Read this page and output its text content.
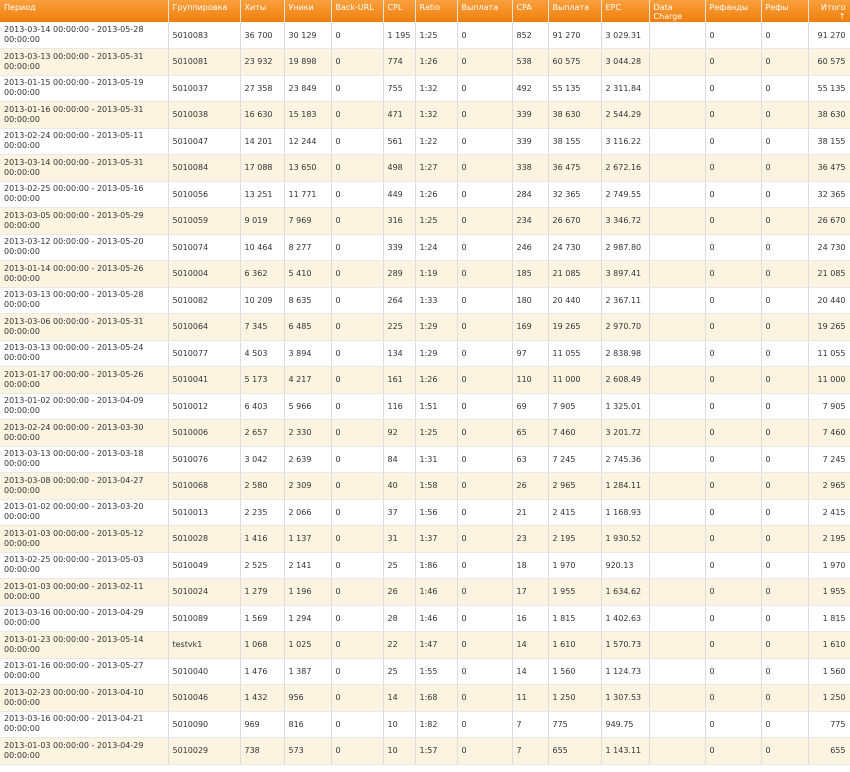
Период	Группировка	Хиты	Уники	Back-URL	CPL	Ratio	Выплата	CPA	Выплата	EPC	Data Charge	Рефанды	Рефы	Итого
↑

2013-03-14 00:00:00 - 2013-05-28 00:00:00	5010083	36 700	30 129	0	1 195	1:25	0	852	91 270	3 029.31		0	0	91 270
2013-03-13 00:00:00 - 2013-05-31 00:00:00	5010081	23 932	19 898	0	774	1:26	0	538	60 575	3 044.28		0	0	60 575
2013-01-15 00:00:00 - 2013-05-19 00:00:00	5010037	27 358	23 849	0	755	1:32	0	492	55 135	2 311.84		0	0	55 135
2013-01-16 00:00:00 - 2013-05-31 00:00:00	5010038	16 630	15 183	0	471	1:32	0	339	38 630	2 544.29		0	0	38 630
2013-02-24 00:00:00 - 2013-05-11 00:00:00	5010047	14 201	12 244	0	561	1:22	0	339	38 155	3 116.22		0	0	38 155
2013-03-14 00:00:00 - 2013-05-31 00:00:00	5010084	17 088	13 650	0	498	1:27	0	338	36 475	2 672.16		0	0	36 475
2013-02-25 00:00:00 - 2013-05-16 00:00:00	5010056	13 251	11 771	0	449	1:26	0	284	32 365	2 749.55		0	0	32 365
2013-03-05 00:00:00 - 2013-05-29 00:00:00	5010059	9 019	7 969	0	316	1:25	0	234	26 670	3 346.72		0	0	26 670
2013-03-12 00:00:00 - 2013-05-20 00:00:00	5010074	10 464	8 277	0	339	1:24	0	246	24 730	2 987.80		0	0	24 730
2013-01-14 00:00:00 - 2013-05-26 00:00:00	5010004	6 362	5 410	0	289	1:19	0	185	21 085	3 897.41		0	0	21 085
2013-03-13 00:00:00 - 2013-05-28 00:00:00	5010082	10 209	8 635	0	264	1:33	0	180	20 440	2 367.11		0	0	20 440
2013-03-06 00:00:00 - 2013-05-31 00:00:00	5010064	7 345	6 485	0	225	1:29	0	169	19 265	2 970.70		0	0	19 265
2013-03-13 00:00:00 - 2013-05-24 00:00:00	5010077	4 503	3 894	0	134	1:29	0	97	11 055	2 838.98		0	0	11 055
2013-01-17 00:00:00 - 2013-05-26 00:00:00	5010041	5 173	4 217	0	161	1:26	0	110	11 000	2 608.49		0	0	11 000
2013-01-02 00:00:00 - 2013-04-09 00:00:00	5010012	6 403	5 966	0	116	1:51	0	69	7 905	1 325.01		0	0	7 905
2013-02-24 00:00:00 - 2013-03-30 00:00:00	5010006	2 657	2 330	0	92	1:25	0	65	7 460	3 201.72		0	0	7 460
2013-03-13 00:00:00 - 2013-03-18 00:00:00	5010076	3 042	2 639	0	84	1:31	0	63	7 245	2 745.36		0	0	7 245
2013-03-08 00:00:00 - 2013-04-27 00:00:00	5010068	2 580	2 309	0	40	1:58	0	26	2 965	1 284.11		0	0	2 965
2013-01-02 00:00:00 - 2013-03-20 00:00:00	5010013	2 235	2 066	0	37	1:56	0	21	2 415	1 168.93		0	0	2 415
2013-01-03 00:00:00 - 2013-05-12 00:00:00	5010028	1 416	1 137	0	31	1:37	0	23	2 195	1 930.52		0	0	2 195
2013-02-25 00:00:00 - 2013-05-03 00:00:00	5010049	2 525	2 141	0	25	1:86	0	18	1 970	920.13		0	0	1 970
2013-01-03 00:00:00 - 2013-02-11 00:00:00	5010024	1 279	1 196	0	26	1:46	0	17	1 955	1 634.62		0	0	1 955
2013-03-16 00:00:00 - 2013-04-29 00:00:00	5010089	1 569	1 294	0	28	1:46	0	16	1 815	1 402.63		0	0	1 815
2013-01-23 00:00:00 - 2013-05-14 00:00:00	testvk1	1 068	1 025	0	22	1:47	0	14	1 610	1 570.73		0	0	1 610
2013-01-16 00:00:00 - 2013-05-27 00:00:00	5010040	1 476	1 387	0	25	1:55	0	14	1 560	1 124.73		0	0	1 560
2013-02-23 00:00:00 - 2013-04-10 00:00:00	5010046	1 432	956	0	14	1:68	0	11	1 250	1 307.53		0	0	1 250
2013-03-16 00:00:00 - 2013-04-21 00:00:00	5010090	969	816	0	10	1:82	0	7	775	949.75		0	0	775
2013-01-03 00:00:00 - 2013-04-29 00:00:00	5010029	738	573	0	10	1:57	0	7	655	1 143.11		0	0	655
